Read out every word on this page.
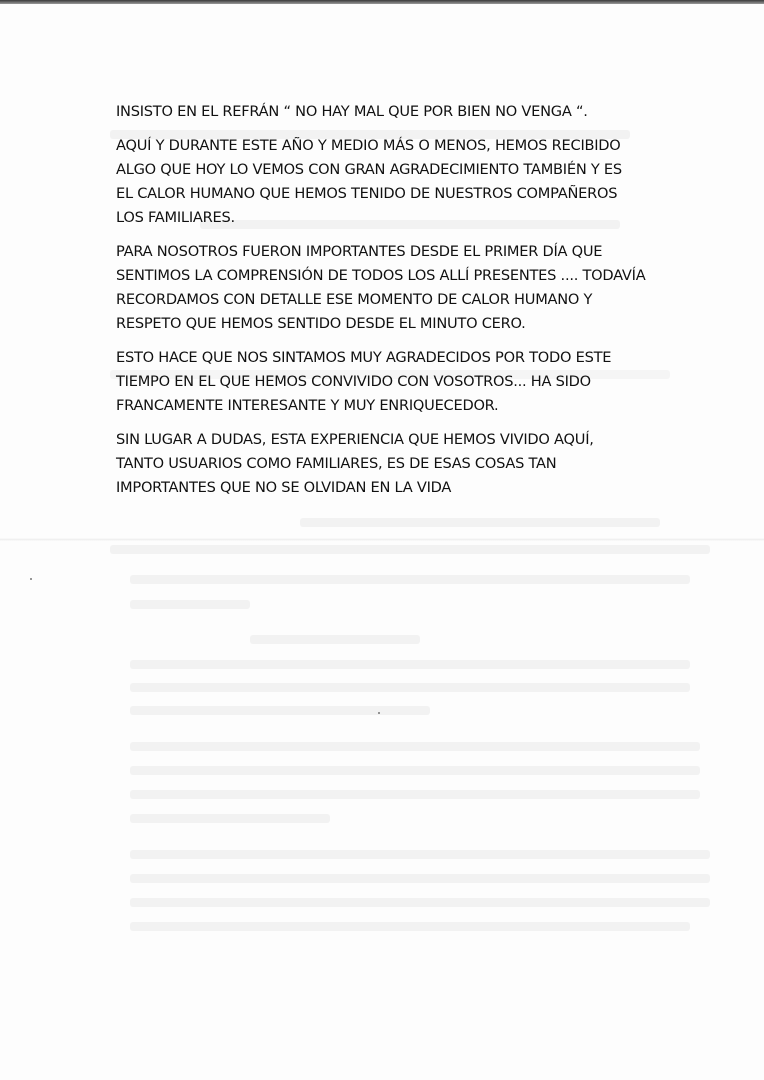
INSISTO EN EL REFRÁN “ NO HAY MAL QUE POR BIEN NO VENGA “.

AQUÍ Y DURANTE ESTE AÑO Y MEDIO MÁS O MENOS, HEMOS RECIBIDO
ALGO QUE HOY LO VEMOS CON GRAN AGRADECIMIENTO TAMBIÉN Y ES
EL CALOR HUMANO QUE HEMOS TENIDO DE NUESTROS COMPAÑEROS
LOS FAMILIARES.

PARA NOSOTROS FUERON IMPORTANTES DESDE EL PRIMER DÍA QUE
SENTIMOS LA COMPRENSIÓN DE TODOS LOS ALLÍ PRESENTES .... TODAVÍA
RECORDAMOS CON DETALLE ESE MOMENTO DE CALOR HUMANO Y
RESPETO QUE HEMOS SENTIDO DESDE EL MINUTO CERO.

ESTO HACE QUE NOS SINTAMOS MUY AGRADECIDOS POR TODO ESTE
TIEMPO EN EL QUE HEMOS CONVIVIDO CON VOSOTROS... HA SIDO
FRANCAMENTE INTERESANTE Y MUY ENRIQUECEDOR.

SIN LUGAR A DUDAS, ESTA EXPERIENCIA QUE HEMOS VIVIDO AQUÍ,
TANTO USUARIOS COMO FAMILIARES, ES DE ESAS COSAS TAN
IMPORTANTES QUE NO SE OLVIDAN EN LA VIDA
